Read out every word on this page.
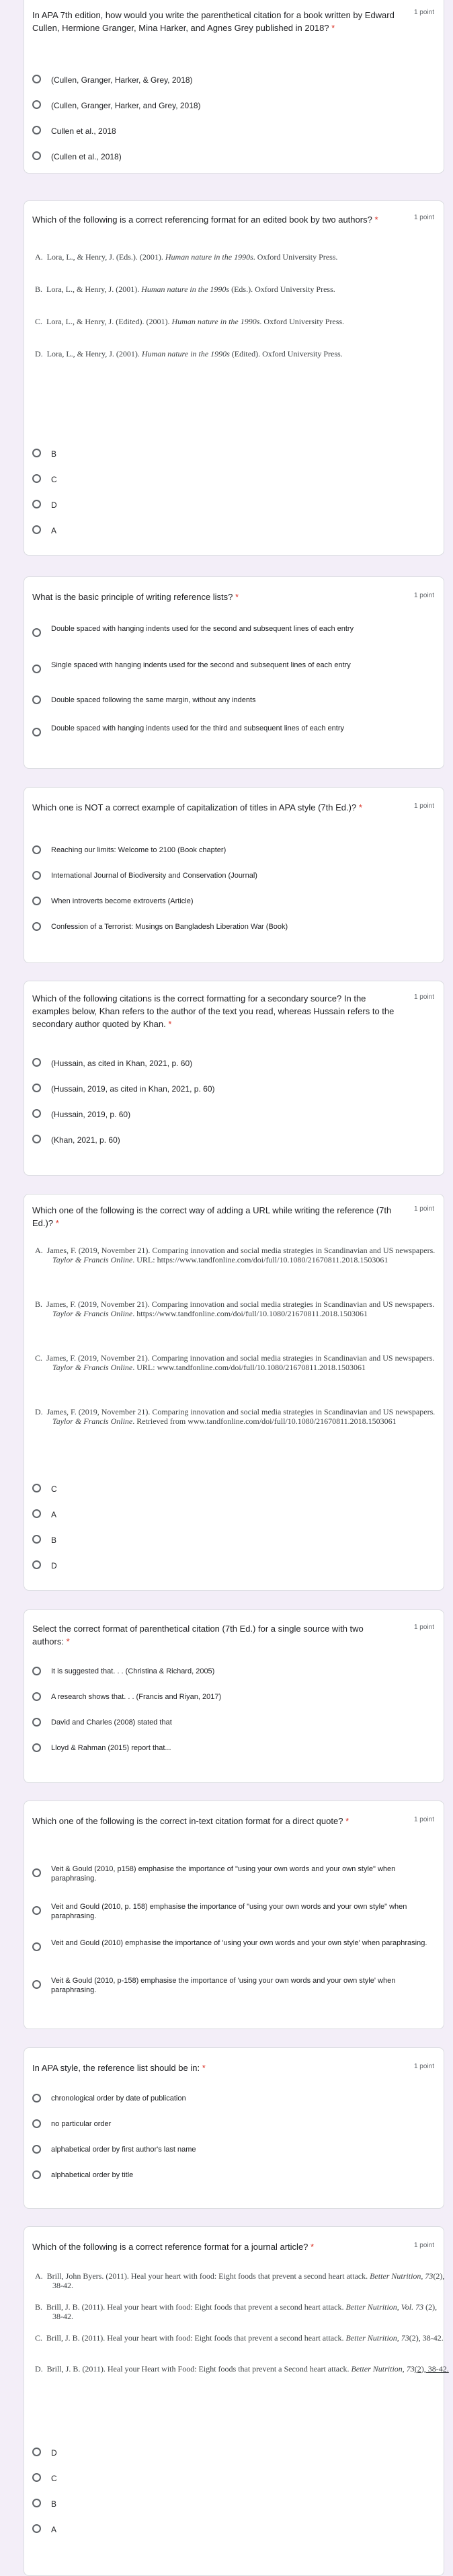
In APA 7th edition, how would you write the parenthetical citation for a book written by Edward Cullen, Hermione Granger, Mina Harker, and Agnes Grey published in 2018? *
1 point
(Cullen, Granger, Harker, & Grey, 2018)
(Cullen, Granger, Harker, and Grey, 2018)
Cullen et al., 2018
(Cullen et al., 2018)
Which of the following is a correct referencing format for an edited book by two authors? *	1 point
A.  Lora, L., & Henry, J. (Eds.). (2001). Human nature in the 1990s. Oxford University Press.
B.  Lora, L., & Henry, J. (2001). Human nature in the 1990s (Eds.). Oxford University Press.
C.  Lora, L., & Henry, J. (Edited). (2001). Human nature in the 1990s. Oxford University Press.
D.  Lora, L., & Henry, J. (2001). Human nature in the 1990s (Edited). Oxford University Press.
B
C
D
A
What is the basic principle of writing reference lists? *	1 point
Double spaced with hanging indents used for the second and subsequent lines of each entry
Single spaced with hanging indents used for the second and subsequent lines of each entry
Double spaced following the same margin, without any indents
Double spaced with hanging indents used for the third and subsequent lines of each entry
Which one is NOT a correct example of capitalization of titles in APA style (7th Ed.)? *	1 point
Reaching our limits: Welcome to 2100 (Book chapter)
International Journal of Biodiversity and Conservation (Journal)
When introverts become extroverts (Article)
Confession of a Terrorist: Musings on Bangladesh Liberation War (Book)
Which of the following citations is the correct formatting for a secondary source? In the examples below, Khan refers to the author of the text you read, whereas Hussain refers to the secondary author quoted by Khan. *
1 point
(Hussain, as cited in Khan, 2021, p. 60)
(Hussain, 2019, as cited in Khan, 2021, p. 60)
(Hussain, 2019, p. 60)
(Khan, 2021, p. 60)
Which one of the following is the correct way of adding a URL while writing the reference (7th Ed.)? *
1 point
A.  James, F. (2019, November 21). Comparing innovation and social media strategies in Scandinavian and US newspapers. Taylor & Francis Online. URL: https://www.tandfonline.com/doi/full/10.1080/21670811.2018.1503061
B.  James, F. (2019, November 21). Comparing innovation and social media strategies in Scandinavian and US newspapers. Taylor & Francis Online. https://www.tandfonline.com/doi/full/10.1080/21670811.2018.1503061
C.  James, F. (2019, November 21). Comparing innovation and social media strategies in Scandinavian and US newspapers. Taylor & Francis Online. URL: www.tandfonline.com/doi/full/10.1080/21670811.2018.1503061
D.  James, F. (2019, November 21). Comparing innovation and social media strategies in Scandinavian and US newspapers. Taylor & Francis Online. Retrieved from www.tandfonline.com/doi/full/10.1080/21670811.2018.1503061
C
A
B
D
Select the correct format of parenthetical citation (7th Ed.) for a single source with two authors: *
1 point
It is suggested that. . . (Christina & Richard, 2005)
A research shows that. . . (Francis and Riyan, 2017)
David and Charles (2008) stated that
Lloyd & Rahman (2015) report that...
Which one of the following is the correct in-text citation format for a direct quote? *	1 point
Veit & Gould (2010, p158) emphasise the importance of "using your own words and your own style" when paraphrasing.
Veit and Gould (2010, p. 158) emphasise the importance of "using your own words and your own style" when paraphrasing.
Veit and Gould (2010) emphasise the importance of 'using your own words and your own style' when paraphrasing.
Veit & Gould (2010, p-158) emphasise the importance of 'using your own words and your own style' when paraphrasing.
In APA style, the reference list should be in: *	1 point
chronological order by date of publication
no particular order
alphabetical order by first author's last name
alphabetical order by title
Which of the following is a correct reference format for a journal article? *	1 point
A.  Brill, John Byers. (2011). Heal your heart with food: Eight foods that prevent a second heart attack. Better Nutrition, 73(2), 38-42.
B.  Brill, J. B. (2011). Heal your heart with food: Eight foods that prevent a second heart attack. Better Nutrition, Vol. 73 (2), 38-42.
C.  Brill, J. B. (2011). Heal your heart with food: Eight foods that prevent a second heart attack. Better Nutrition, 73(2), 38-42.
D.  Brill, J. B. (2011). Heal your Heart with Food: Eight foods that prevent a Second heart attack. Better Nutrition, 73(2), 38-42.
D
C
B
A
